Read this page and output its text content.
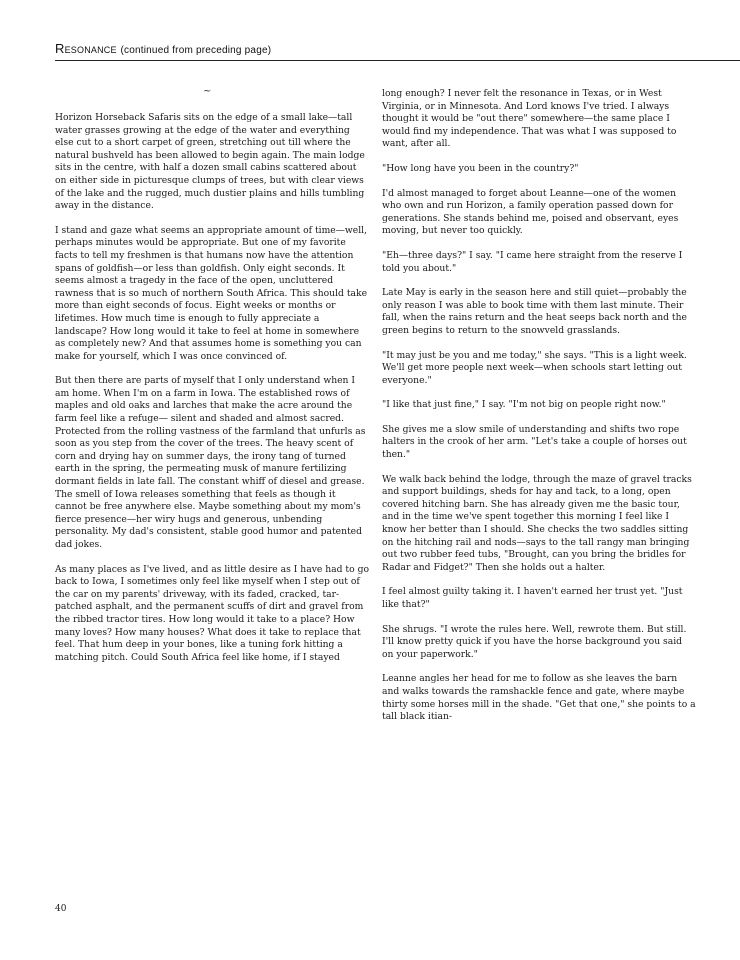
Resonance (continued from preceding page)
~

Horizon Horseback Safaris sits on the edge of a small lake—tall water grasses growing at the edge of the water and everything else cut to a short carpet of green, stretching out till where the natural bushveld has been allowed to begin again. The main lodge sits in the centre, with half a dozen small cabins scattered about on either side in picturesque clumps of trees, but with clear views of the lake and the rugged, much dustier plains and hills tumbling away in the distance.

I stand and gaze what seems an appropriate amount of time—well, perhaps minutes would be appropriate. But one of my favorite facts to tell my freshmen is that humans now have the attention spans of goldfish—or less than goldfish. Only eight seconds. It seems almost a tragedy in the face of the open, uncluttered rawness that is so much of northern South Africa. This should take more than eight seconds of focus. Eight weeks or months or lifetimes. How much time is enough to fully appreciate a landscape? How long would it take to feel at home in somewhere as completely new? And that assumes home is something you can make for yourself, which I was once convinced of.

But then there are parts of myself that I only understand when I am home. When I'm on a farm in Iowa. The established rows of maples and old oaks and larches that make the acre around the farm feel like a refuge— silent and shaded and almost sacred. Protected from the rolling vastness of the farmland that unfurls as soon as you step from the cover of the trees. The heavy scent of corn and drying hay on summer days, the irony tang of turned earth in the spring, the permeating musk of manure fertilizing dormant fields in late fall. The constant whiff of diesel and grease. The smell of Iowa releases something that feels as though it cannot be free anywhere else. Maybe something about my mom's fierce presence—her wiry hugs and generous, unbending personality. My dad's consistent, stable good humor and patented dad jokes.

As many places as I've lived, and as little desire as I have had to go back to Iowa, I sometimes only feel like myself when I step out of the car on my parents' driveway, with its faded, cracked, tar-patched asphalt, and the permanent scuffs of dirt and gravel from the ribbed tractor tires. How long would it take to a place? How many loves? How many houses? What does it take to replace that feel. That hum deep in your bones, like a tuning fork hitting a matching pitch. Could South Africa feel like home, if I stayed

long enough? I never felt the resonance in Texas, or in West Virginia, or in Minnesota. And Lord knows I've tried. I always thought it would be "out there" somewhere—the same place I would find my independence. That was what I was supposed to want, after all.

"How long have you been in the country?"

I'd almost managed to forget about Leanne—one of the women who own and run Horizon, a family operation passed down for generations. She stands behind me, poised and observant, eyes moving, but never too quickly.

"Eh—three days?" I say. "I came here straight from the reserve I told you about."

Late May is early in the season here and still quiet—probably the only reason I was able to book time with them last minute. Their fall, when the rains return and the heat seeps back north and the green begins to return to the snowveld grasslands.

"It may just be you and me today," she says. "This is a light week. We'll get more people next week—when schools start letting out everyone."

"I like that just fine," I say. "I'm not big on people right now."

She gives me a slow smile of understanding and shifts two rope halters in the crook of her arm. "Let's take a couple of horses out then."

We walk back behind the lodge, through the maze of gravel tracks and support buildings, sheds for hay and tack, to a long, open covered hitching barn. She has already given me the basic tour, and in the time we've spent together this morning I feel like I know her better than I should. She checks the two saddles sitting on the hitching rail and nods—says to the tall rangy man bringing out two rubber feed tubs, "Brought, can you bring the bridles for Radar and Fidget?" Then she holds out a halter.

I feel almost guilty taking it. I haven't earned her trust yet. "Just like that?"

She shrugs. "I wrote the rules here. Well, rewrote them. But still. I'll know pretty quick if you have the horse background you said on your paperwork."

Leanne angles her head for me to follow as she leaves the barn and walks towards the ramshackle fence and gate, where maybe thirty some horses mill in the shade. "Get that one," she points to a tall black itian-

40
